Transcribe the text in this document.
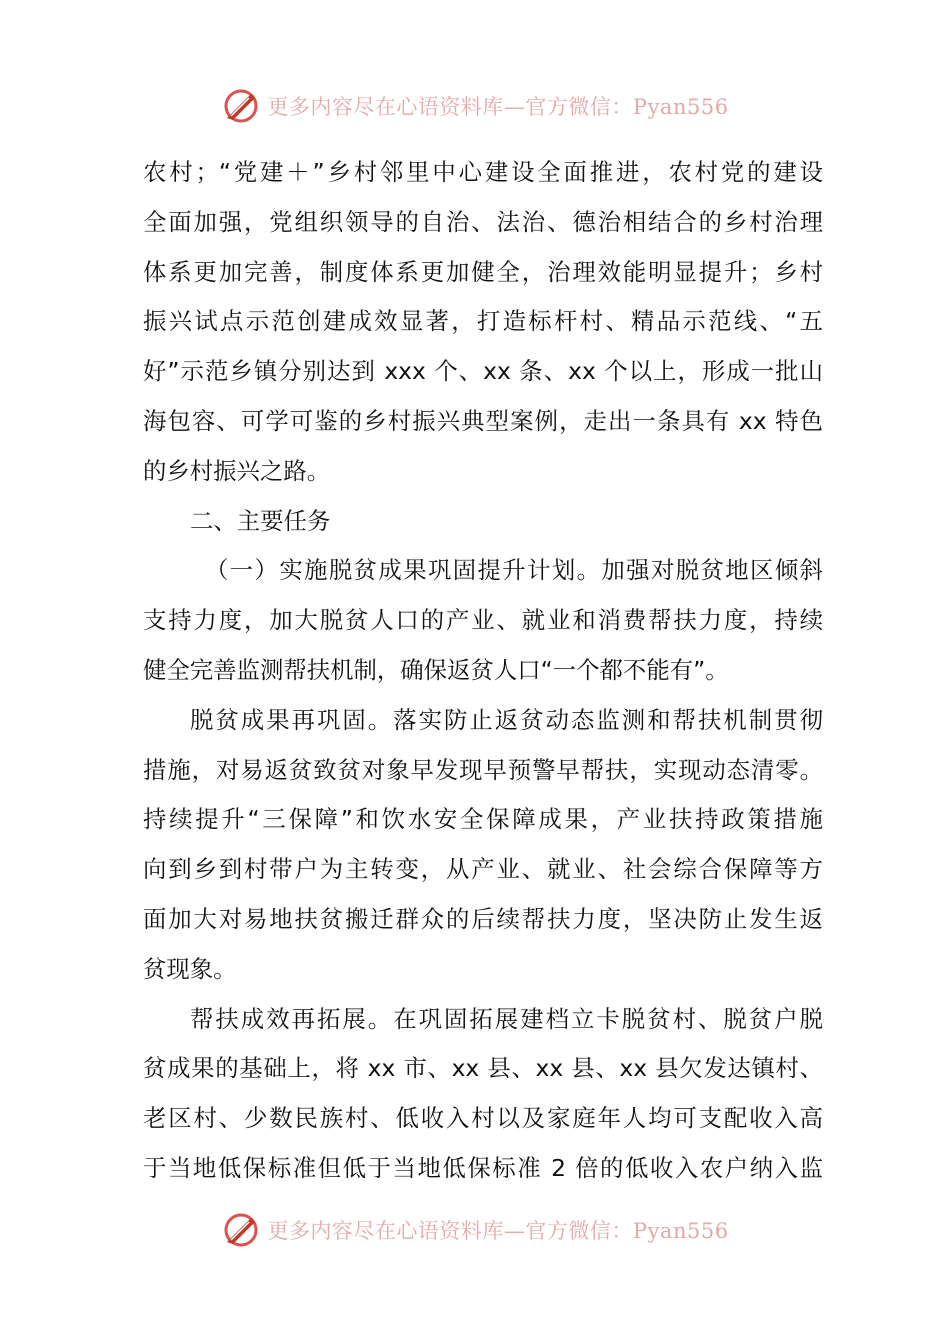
更多内容尽在心语资料库—官方微信：Pyan556
农村；“党建＋”乡村邻里中心建设全面推进，农村党的建设
全面加强，党组织领导的自治、法治、德治相结合的乡村治理
体系更加完善，制度体系更加健全，治理效能明显提升；乡村
振兴试点示范创建成效显著，打造标杆村、精品示范线、“五
好”示范乡镇分别达到 xxx 个、xx 条、xx 个以上，形成一批山
海包容、可学可鉴的乡村振兴典型案例，走出一条具有 xx 特色
的乡村振兴之路。
二、主要任务
（一）实施脱贫成果巩固提升计划。加强对脱贫地区倾斜
支持力度，加大脱贫人口的产业、就业和消费帮扶力度，持续
健全完善监测帮扶机制，确保返贫人口“一个都不能有”。
脱贫成果再巩固。落实防止返贫动态监测和帮扶机制贯彻
措施，对易返贫致贫对象早发现早预警早帮扶，实现动态清零。
持续提升“三保障”和饮水安全保障成果，产业扶持政策措施
向到乡到村带户为主转变，从产业、就业、社会综合保障等方
面加大对易地扶贫搬迁群众的后续帮扶力度，坚决防止发生返
贫现象。
帮扶成效再拓展。在巩固拓展建档立卡脱贫村、脱贫户脱
贫成果的基础上，将 xx 市、xx 县、xx 县、xx 县欠发达镇村、
老区村、少数民族村、低收入村以及家庭年人均可支配收入高
于当地低保标准但低于当地低保标准 2 倍的低收入农户纳入监
更多内容尽在心语资料库—官方微信：Pyan556
